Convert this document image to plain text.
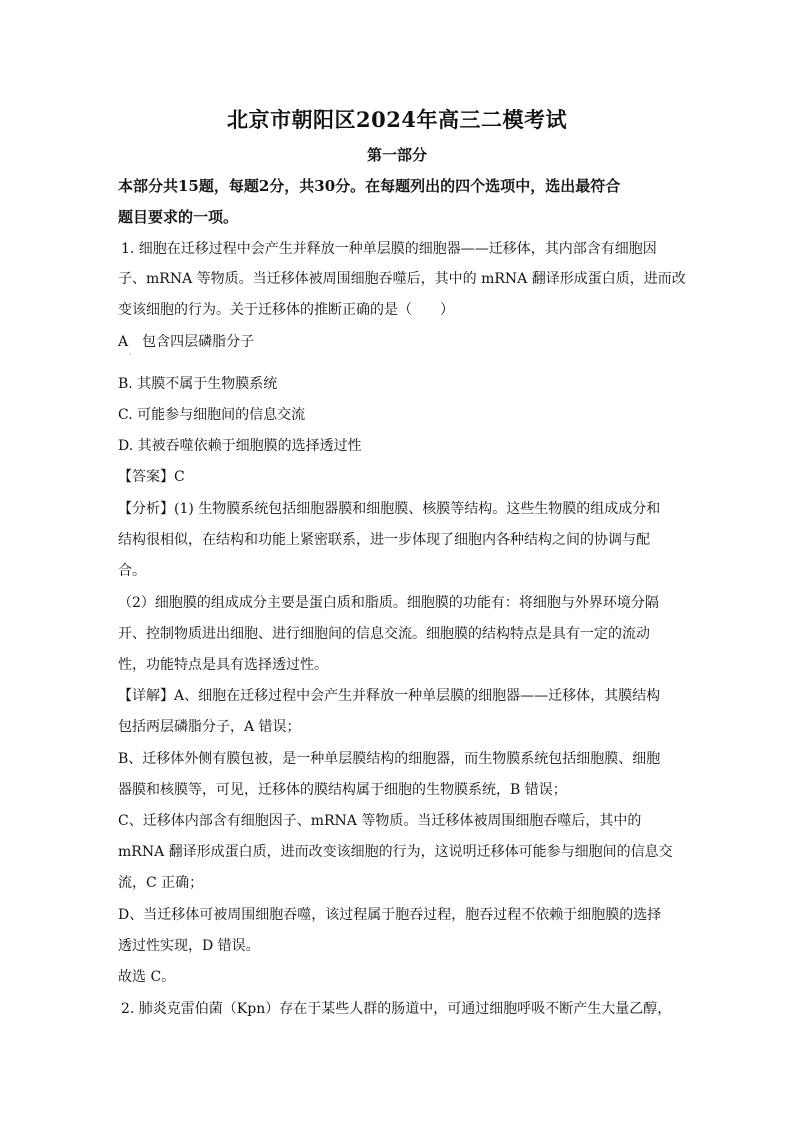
北京市朝阳区2024年高三二模考试
第一部分
本部分共15题，每题2分，共30分。在每题列出的四个选项中，选出最符合
题目要求的一项。
1. 细胞在迁移过程中会产生并释放一种单层膜的细胞器——迁移体，其内部含有细胞因
子、mRNA 等物质。当迁移体被周围细胞吞噬后，其中的 mRNA 翻译形成蛋白质，进而改
变该细胞的行为。关于迁移体的推断正确的是（　　）
A　包含四层磷脂分子
·
B. 其膜不属于生物膜系统
C. 可能参与细胞间的信息交流
D. 其被吞噬依赖于细胞膜的选择透过性
【答案】C
【分析】(1) 生物膜系统包括细胞器膜和细胞膜、核膜等结构。这些生物膜的组成成分和
结构很相似，在结构和功能上紧密联系，进一步体现了细胞内各种结构之间的协调与配
合。
（2）细胞膜的组成成分主要是蛋白质和脂质。细胞膜的功能有：将细胞与外界环境分隔
开、控制物质进出细胞、进行细胞间的信息交流。细胞膜的结构特点是具有一定的流动
性，功能特点是具有选择透过性。
【详解】A、细胞在迁移过程中会产生并释放一种单层膜的细胞器——迁移体，其膜结构
包括两层磷脂分子，A 错误；
B、迁移体外侧有膜包被，是一种单层膜结构的细胞器，而生物膜系统包括细胞膜、细胞
器膜和核膜等，可见，迁移体的膜结构属于细胞的生物膜系统，B 错误；
C、迁移体内部含有细胞因子、mRNA 等物质。当迁移体被周围细胞吞噬后，其中的
mRNA 翻译形成蛋白质，进而改变该细胞的行为，这说明迁移体可能参与细胞间的信息交
流，C 正确；
D、当迁移体可被周围细胞吞噬，该过程属于胞吞过程，胞吞过程不依赖于细胞膜的选择
透过性实现，D 错误。
故选 C。
2. 肺炎克雷伯菌（Kpn）存在于某些人群的肠道中，可通过细胞呼吸不断产生大量乙醇，
